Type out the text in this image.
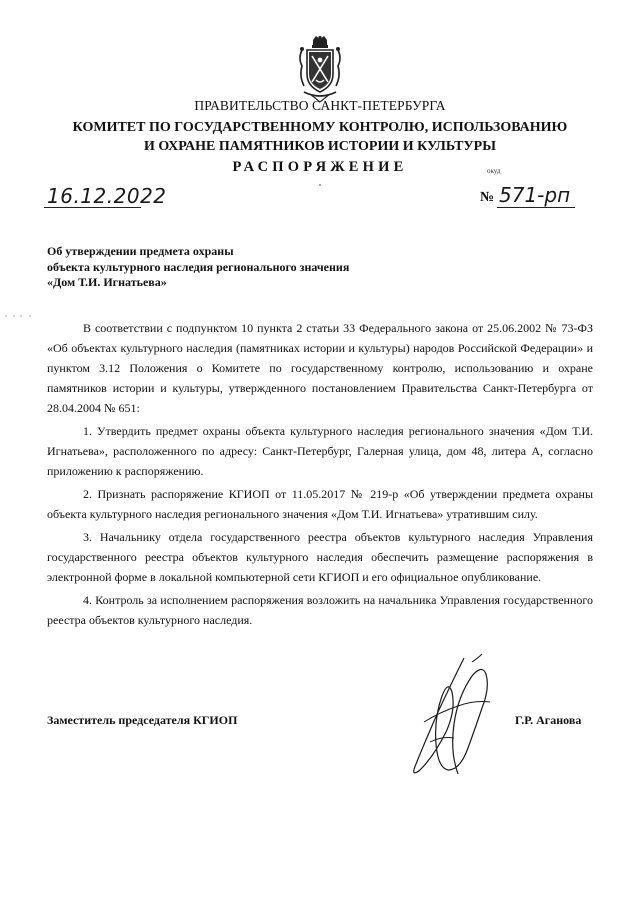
ПРАВИТЕЛЬСТВО САНКТ-ПЕТЕРБУРГА
КОМИТЕТ ПО ГОСУДАРСТВЕННОМУ КОНТРОЛЮ, ИСПОЛЬЗОВАНИЮ
И ОХРАНЕ ПАМЯТНИКОВ ИСТОРИИ И КУЛЬТУРЫ
РАСПОРЯЖЕНИЕ	окуд
16.12.2022	№ 571-рп
Об утверждении предмета охраны
объекта культурного наследия регионального значения
«Дом Т.И. Игнатьева»

В соответствии с подпунктом 10 пункта 2 статьи 33 Федерального закона от 25.06.2002 № 73-ФЗ «Об объектах культурного наследия (памятниках истории и культуры) народов Российской Федерации» и пунктом 3.12 Положения о Комитете по государственному контролю, использованию и охране памятников истории и культуры, утвержденного постановлением Правительства Санкт-Петербурга от 28.04.2004 № 651:

1. Утвердить предмет охраны объекта культурного наследия регионального значения «Дом Т.И. Игнатьева», расположенного по адресу: Санкт-Петербург, Галерная улица, дом 48, литера А, согласно приложению к распоряжению.

2. Признать распоряжение КГИОП от 11.05.2017 № 219-р «Об утверждении предмета охраны объекта культурного наследия регионального значения «Дом Т.И. Игнатьева» утратившим силу.

3. Начальнику отдела государственного реестра объектов культурного наследия Управления государственного реестра объектов культурного наследия обеспечить размещение распоряжения в электронной форме в локальной компьютерной сети КГИОП и его официальное опубликование.

4. Контроль за исполнением распоряжения возложить на начальника Управления государственного реестра объектов культурного наследия.

Заместитель председателя КГИОП	Г.Р. Аганова
